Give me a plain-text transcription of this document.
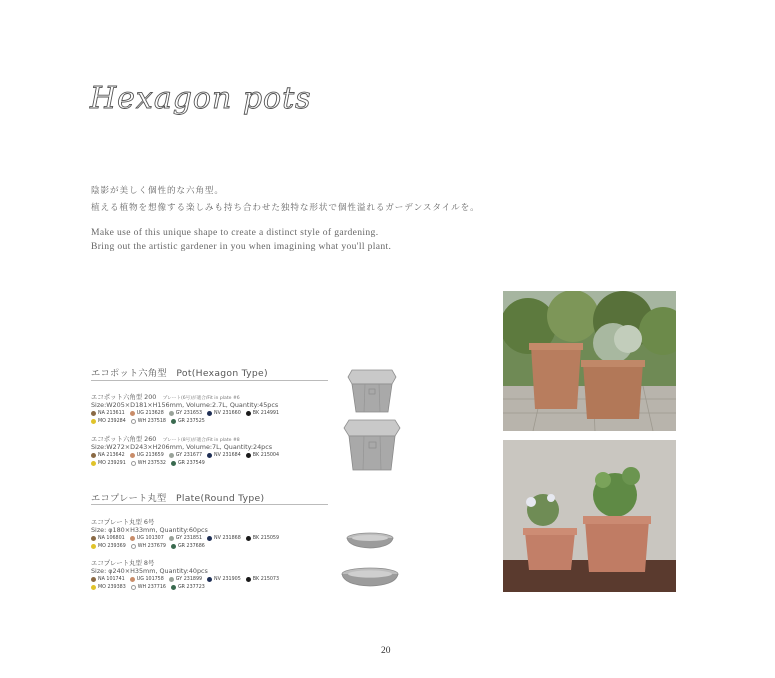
Hexagon pots
陰影が美しく個性的な六角型。
植える植物を想像する楽しみも持ち合わせた独特な形状で個性溢れるガーデンスタイルを。
Make use of this unique shape to create a distinct style of gardening.
Bring out the artistic gardener in you when imagining what you'll plant.
エコポット六角型　Pot(Hexagon Type)
エコポット六角型 200　 プレート(6号)が適合/Fit in plate #6
Size:W205×D181×H156mm, Volume:2.7L, Quantity:45pcs
NA 213611	UG 213628	GY 231653	NV 231660	BK 214991
MO 239284	WH 237518	GR 237525
エコポット六角型 260　 プレート(8号)が適合/Fit in plate #8
Size:W272×D243×H206mm, Volume:7L, Quantity:24pcs
NA 213642	UG 213659	GY 231677	NV 231684	BK 215004
MO 239291	WH 237532	GR 237549
エコプレート丸型　Plate(Round Type)
エコプレート丸型 6号
Size: φ180×H33mm, Quantity:60pcs
NA 106801	UG 101307	GY 231851	NV 231868	BK 215059
MO 239369	WH 237679	GR 237686
エコプレート丸型 8号
Size: φ240×H35mm, Quantity:40pcs
NA 101741	UG 101758	GY 231899	NV 231905	BK 215073
MO 239383	WH 237716	GR 237723
20
